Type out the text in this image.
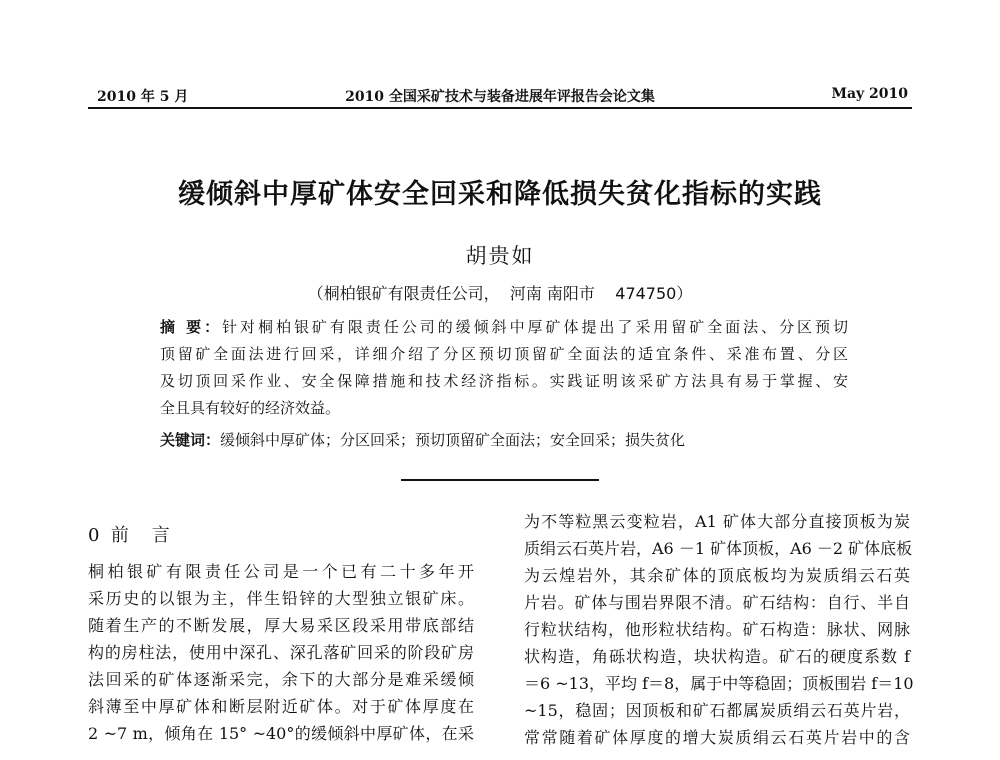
2010 年 5 月	2010 全国采矿技术与装备进展年评报告会论文集	May 2010
缓倾斜中厚矿体安全回采和降低损失贫化指标的实践
胡贵如
（桐柏银矿有限责任公司，  河南 南阳市    474750）
摘 要：针对桐柏银矿有限责任公司的缓倾斜中厚矿体提出了采用留矿全面法、分区预切
顶留矿全面法进行回采，详细介绍了分区预切顶留矿全面法的适宜条件、采准布置、分区
及切顶回采作业、安全保障措施和技术经济指标。实践证明该采矿方法具有易于掌握、安
全且具有较好的经济效益。
关键词：缓倾斜中厚矿体；分区回采；预切顶留矿全面法；安全回采；损失贫化
0  前    言
桐柏银矿有限责任公司是一个已有二十多年开
采历史的以银为主，伴生铅锌的大型独立银矿床。
随着生产的不断发展，厚大易采区段采用带底部结
构的房柱法，使用中深孔、深孔落矿回采的阶段矿房
法回采的矿体逐渐采完，余下的大部分是难采缓倾
斜薄至中厚矿体和断层附近矿体。对于矿体厚度在
2 ~7 m，倾角在 15° ~40°的缓倾斜中厚矿体，在采
为不等粒黑云变粒岩，A1 矿体大部分直接顶板为炭
质绢云石英片岩，A6 －1 矿体顶板，A6 －2 矿体底板
为云煌岩外，其余矿体的顶底板均为炭质绢云石英
片岩。矿体与围岩界限不清。矿石结构：自行、半自
行粒状结构，他形粒状结构。矿石构造：脉状、网脉
状构造，角砾状构造，块状构造。矿石的硬度系数 f
＝6 ~13，平均 f＝8，属于中等稳固；顶板围岩 f＝10
~15，稳固；因顶板和矿石都属炭质绢云石英片岩，
常常随着矿体厚度的增大炭质绢云石英片岩中的含
